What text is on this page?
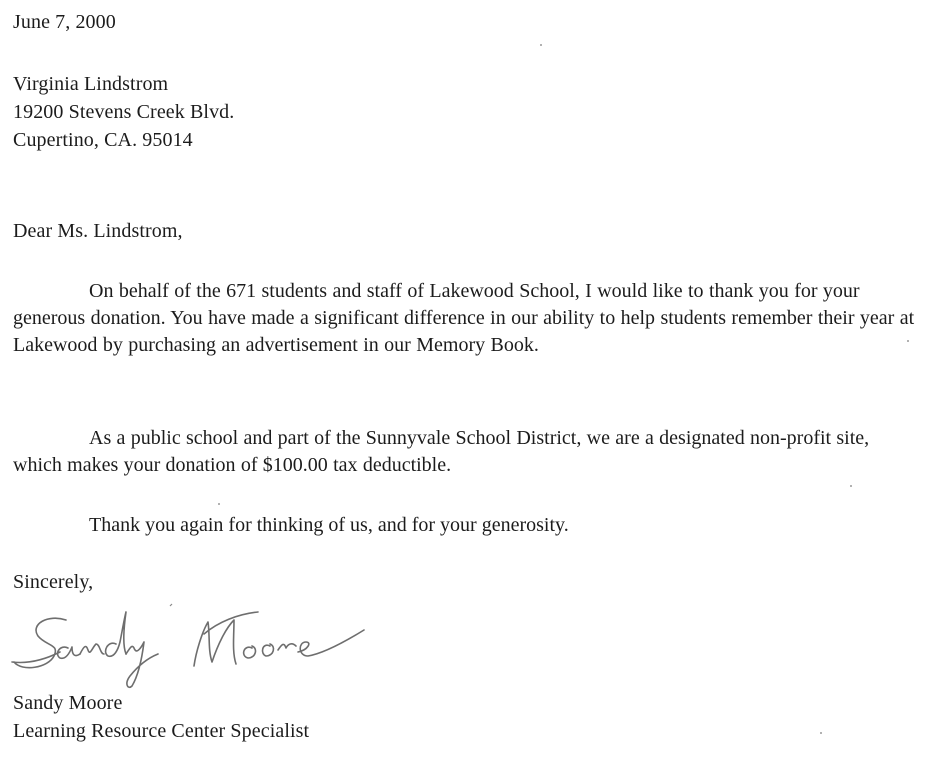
June 7, 2000
Virginia Lindstrom
19200 Stevens Creek Blvd.
Cupertino, CA. 95014
Dear Ms. Lindstrom,
On behalf of the 671 students and staff of Lakewood School, I would like to thank you for your generous donation. You have made a significant difference in our ability to help students remember their year at Lakewood by purchasing an advertisement in our Memory Book.
As a public school and part of the Sunnyvale School District, we are a designated non-profit site, which makes your donation of $100.00 tax deductible.
Thank you again for thinking of us, and for your generosity.
Sincerely,
Sandy Moore
Learning Resource Center Specialist
